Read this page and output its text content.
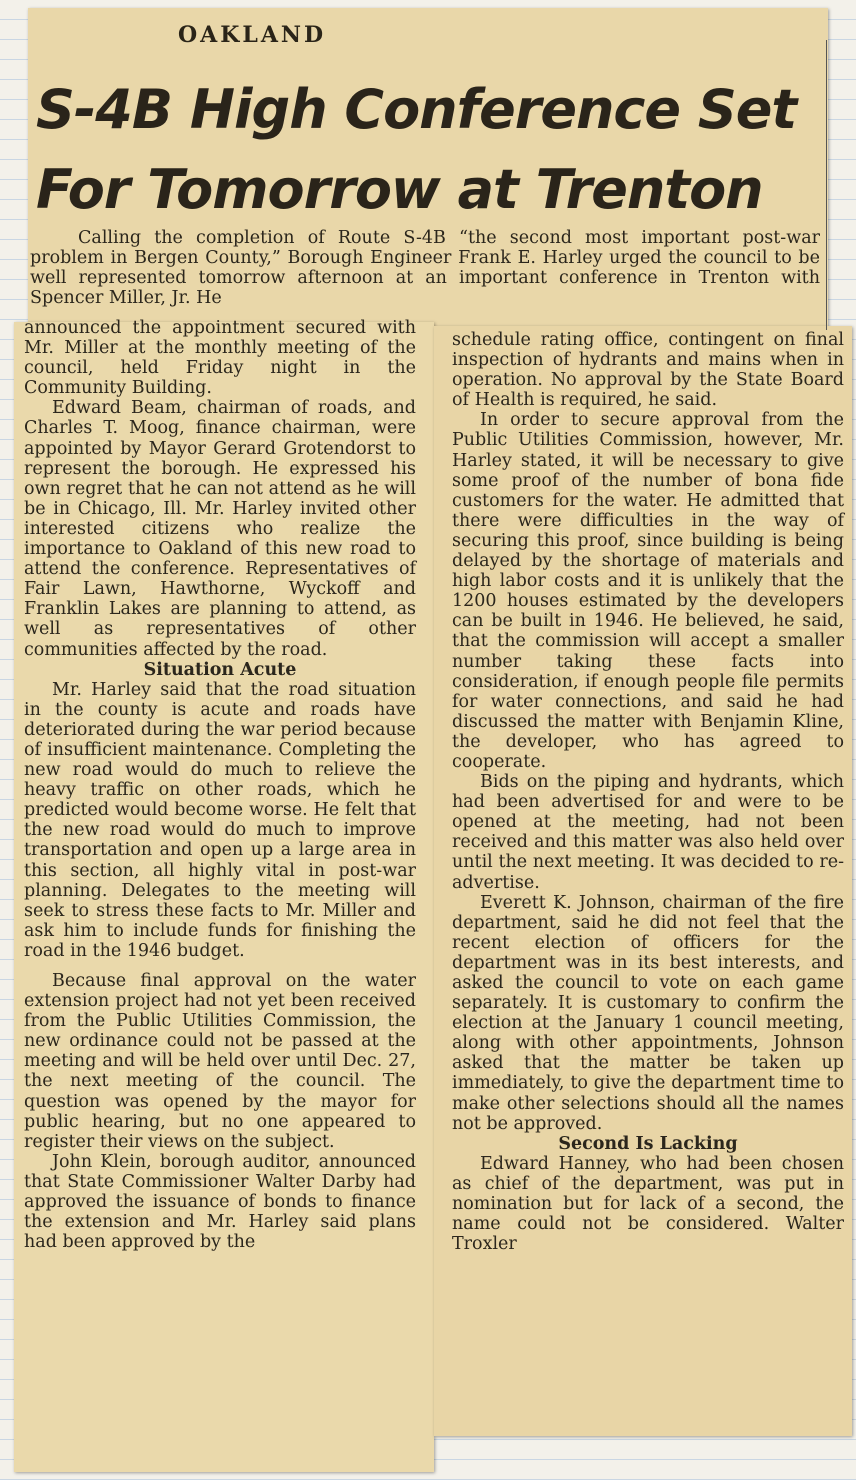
OAKLAND
S-4B High Conference Set
For Tomorrow at Trenton

Calling the completion of Route S-4B “the second most important post-war problem in Bergen County,” Borough Engineer Frank E. Harley urged the council to be well represented tomorrow afternoon at an important conference in Trenton with Spencer Miller, Jr. He

announced the appointment secured with Mr. Miller at the monthly meeting of the council, held Friday night in the Community Building.

Edward Beam, chairman of roads, and Charles T. Moog, finance chairman, were appointed by Mayor Gerard Grotendorst to represent the borough. He expressed his own regret that he can not attend as he will be in Chicago, Ill. Mr. Harley invited other interested citizens who realize the importance to Oakland of this new road to attend the conference. Representatives of Fair Lawn, Hawthorne, Wyckoff and Franklin Lakes are planning to attend, as well as representatives of other communities affected by the road.

Situation Acute

Mr. Harley said that the road situation in the county is acute and roads have deteriorated during the war period because of insufficient maintenance. Completing the new road would do much to relieve the heavy traffic on other roads, which he predicted would become worse. He felt that the new road would do much to improve transportation and open up a large area in this section, all highly vital in post-war planning. Delegates to the meeting will seek to stress these facts to Mr. Miller and ask him to include funds for finishing the road in the 1946 budget.

Because final approval on the water extension project had not yet been received from the Public Utilities Commission, the new ordinance could not be passed at the meeting and will be held over until Dec. 27, the next meeting of the council. The question was opened by the mayor for public hearing, but no one appeared to register their views on the subject.

John Klein, borough auditor, announced that State Commissioner Walter Darby had approved the issuance of bonds to finance the extension and Mr. Harley said plans had been approved by the

schedule rating office, contingent on final inspection of hydrants and mains when in operation. No approval by the State Board of Health is required, he said.

In order to secure approval from the Public Utilities Commission, however, Mr. Harley stated, it will be necessary to give some proof of the number of bona fide customers for the water. He admitted that there were difficulties in the way of securing this proof, since building is being delayed by the shortage of materials and high labor costs and it is unlikely that the 1200 houses estimated by the developers can be built in 1946. He believed, he said, that the commission will accept a smaller number taking these facts into consideration, if enough people file permits for water connections, and said he had discussed the matter with Benjamin Kline, the developer, who has agreed to cooperate.

Bids on the piping and hydrants, which had been advertised for and were to be opened at the meeting, had not been received and this matter was also held over until the next meeting. It was decided to re-advertise.

Everett K. Johnson, chairman of the fire department, said he did not feel that the recent election of officers for the department was in its best interests, and asked the council to vote on each game separately. It is customary to confirm the election at the January 1 council meeting, along with other appointments, Johnson asked that the matter be taken up immediately, to give the department time to make other selections should all the names not be approved.

Second Is Lacking

Edward Hanney, who had been chosen as chief of the department, was put in nomination but for lack of a second, the name could not be considered. Walter Troxler
